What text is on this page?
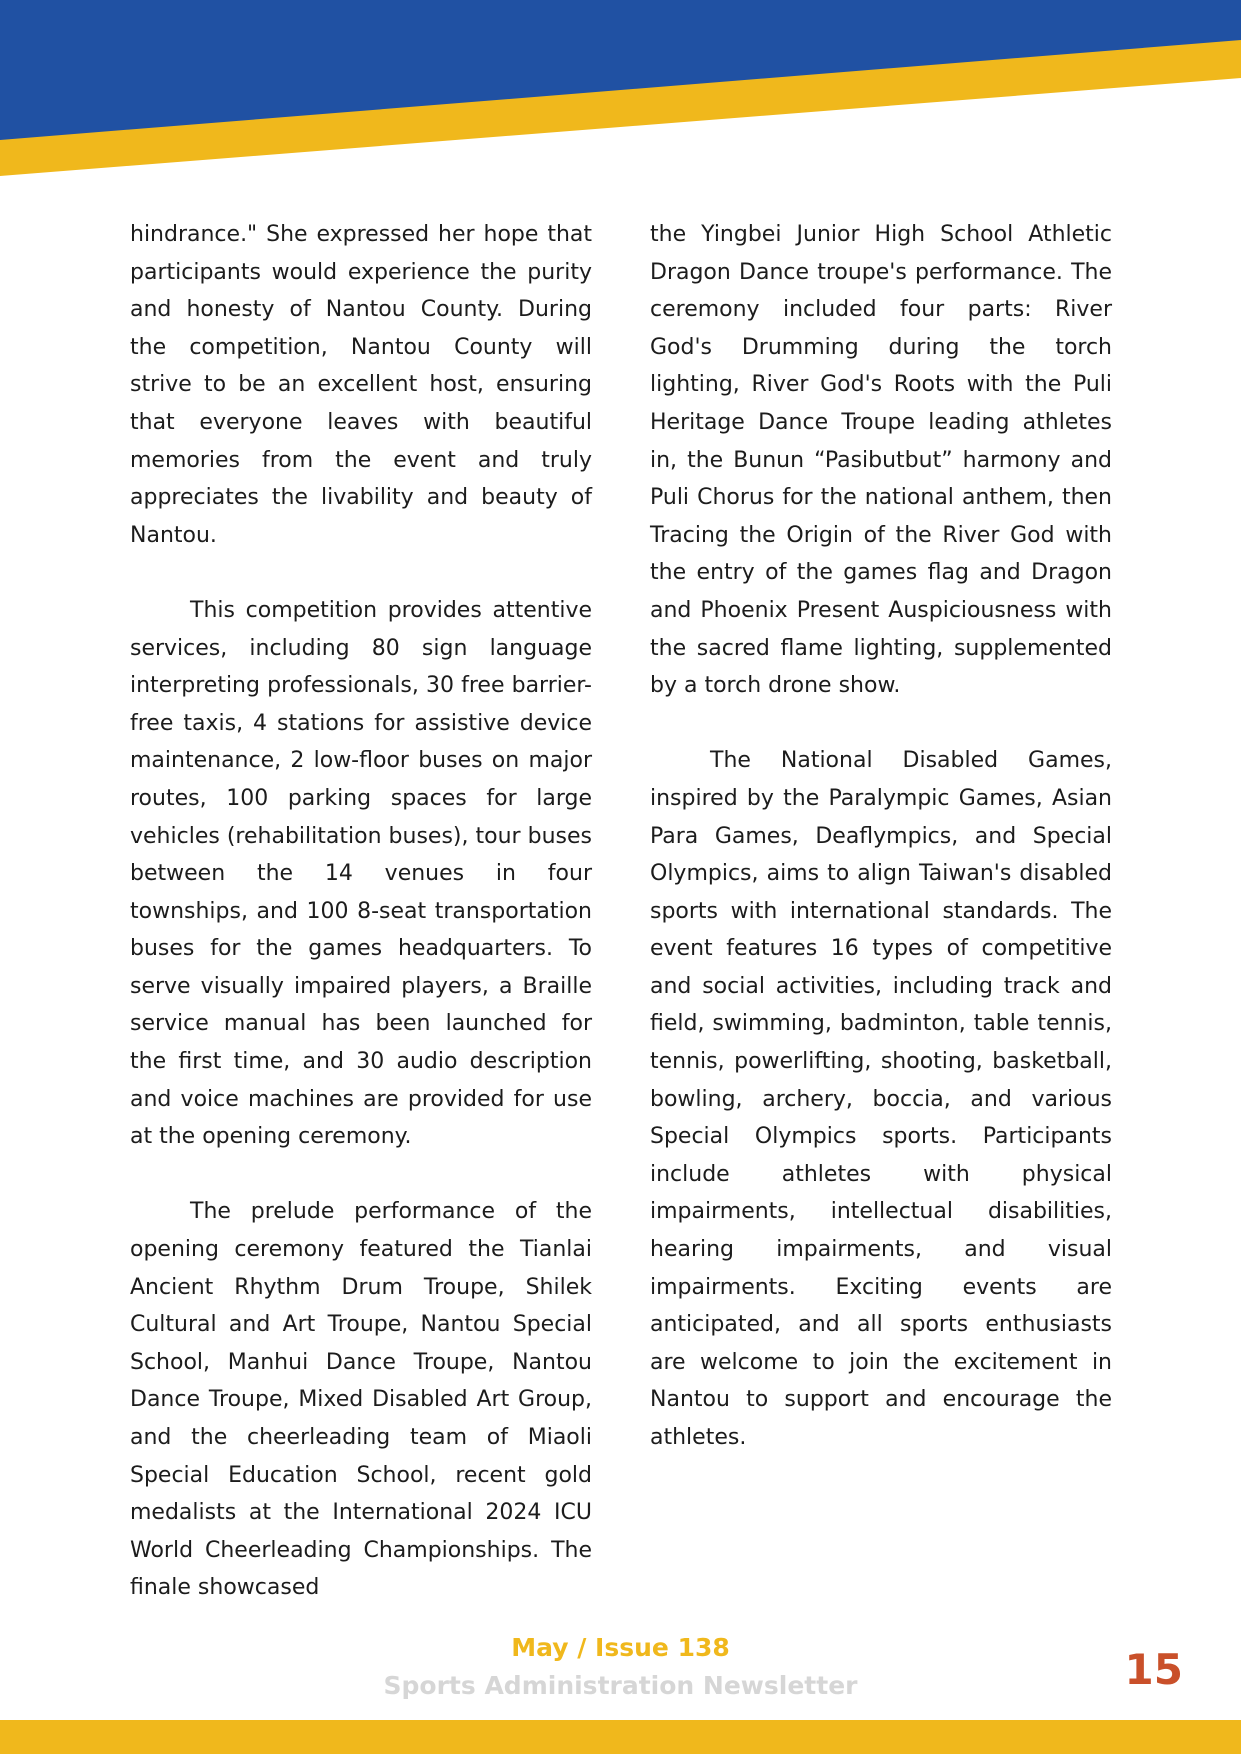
hindrance." She expressed her hope that participants would experience the purity and honesty of Nantou County. During the competition, Nantou County will strive to be an excellent host, ensuring that everyone leaves with beautiful memories from the event and truly appreciates the livability and beauty of Nantou.

This competition provides attentive services, including 80 sign language interpreting professionals, 30 free barrier-free taxis, 4 stations for assistive device maintenance, 2 low-floor buses on major routes, 100 parking spaces for large vehicles (rehabilitation buses), tour buses between the 14 venues in four townships, and 100 8-seat transportation buses for the games headquarters. To serve visually impaired players, a Braille service manual has been launched for the first time, and 30 audio description and voice machines are provided for use at the opening ceremony.

The prelude performance of the opening ceremony featured the Tianlai Ancient Rhythm Drum Troupe, Shilek Cultural and Art Troupe, Nantou Special School, Manhui Dance Troupe, Nantou Dance Troupe, Mixed Disabled Art Group, and the cheerleading team of Miaoli Special Education School, recent gold medalists at the International 2024 ICU World Cheerleading Championships. The finale showcased

the Yingbei Junior High School Athletic Dragon Dance troupe's performance. The ceremony included four parts: River God's Drumming during the torch lighting, River God's Roots with the Puli Heritage Dance Troupe leading athletes in, the Bunun “Pasibutbut” harmony and Puli Chorus for the national anthem, then Tracing the Origin of the River God with the entry of the games flag and Dragon and Phoenix Present Auspiciousness with the sacred flame lighting, supplemented by a torch drone show.

The National Disabled Games, inspired by the Paralympic Games, Asian Para Games, Deaflympics, and Special Olympics, aims to align Taiwan's disabled sports with international standards. The event features 16 types of competitive and social activities, including track and field, swimming, badminton, table tennis, tennis, powerlifting, shooting, basketball, bowling, archery, boccia, and various Special Olympics sports. Participants include athletes with physical impairments, intellectual disabilities, hearing impairments, and visual impairments. Exciting events are anticipated, and all sports enthusiasts are welcome to join the excitement in Nantou to support and encourage the athletes.

May / Issue 138
Sports Administration Newsletter	15
